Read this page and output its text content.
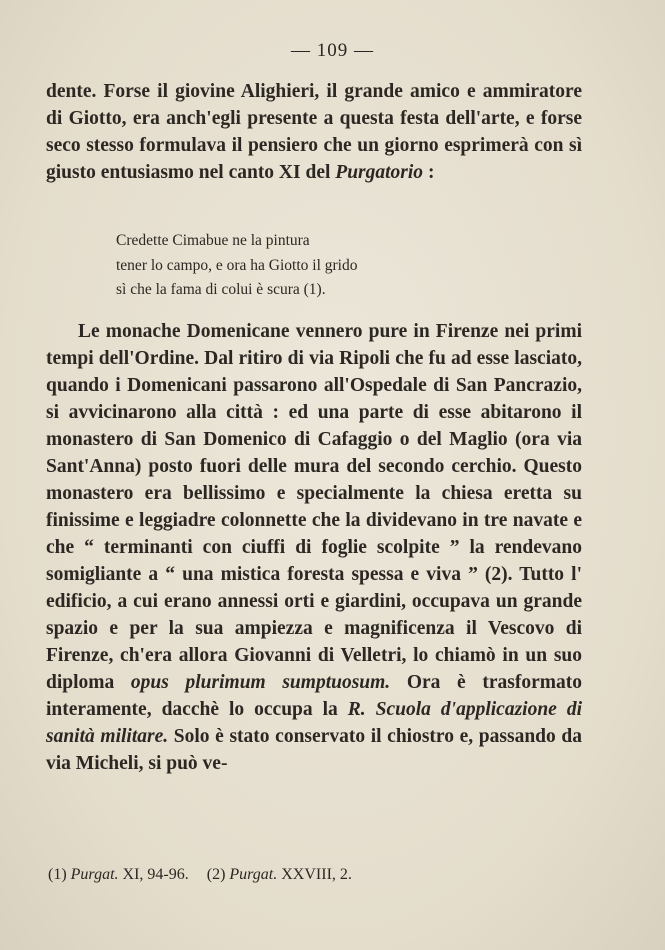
— 109 —

dente. Forse il giovine Alighieri, il grande amico e ammiratore di Giotto, era anch'egli presente a questa festa dell'arte, e forse seco stesso formulava il pensiero che un giorno esprimerà con sì giusto entusiasmo nel canto XI del Purgatorio :

Credette Cimabue ne la pintura
tener lo campo, e ora ha Giotto il grido
sì che la fama di colui è scura (1).

Le monache Domenicane vennero pure in Firenze nei primi tempi dell'Ordine. Dal ritiro di via Ripoli che fu ad esse lasciato, quando i Domenicani passarono all'Ospedale di San Pancrazio, si avvicinarono alla città : ed una parte di esse abitarono il monastero di San Domenico di Cafaggio o del Maglio (ora via Sant'Anna) posto fuori delle mura del secondo cerchio. Questo monastero era bellissimo e specialmente la chiesa eretta su finissime e leggiadre colonnette che la dividevano in tre navate e che “ terminanti con ciuffi di foglie scolpite ” la rendevano somigliante a “ una mistica foresta spessa e viva ” (2). Tutto l' edificio, a cui erano annessi orti e giardini, occupava un grande spazio e per la sua ampiezza e magnificenza il Vescovo di Firenze, ch'era allora Giovanni di Velletri, lo chiamò in un suo diploma opus plurimum sumptuosum. Ora è trasformato interamente, dacchè lo occupa la R. Scuola d'applicazione di sanità militare. Solo è stato conservato il chiostro e, passando da via Micheli, si può ve-

(1) Purgat. XI, 94-96. (2) Purgat. XXVIII, 2.
